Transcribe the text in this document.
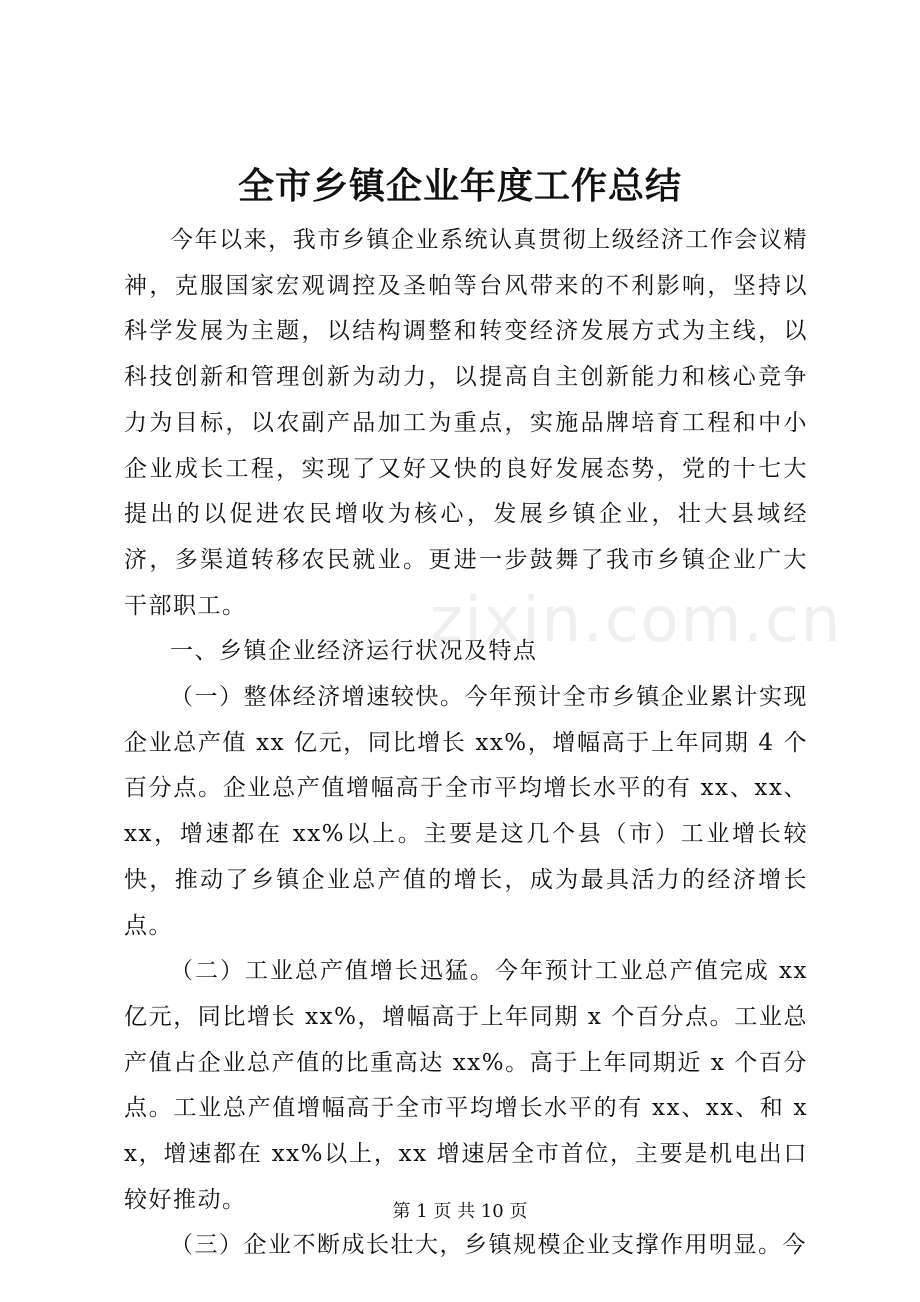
全市乡镇企业年度工作总结

今年以来，我市乡镇企业系统认真贯彻上级经济工作会议精神，克服国家宏观调控及圣帕等台风带来的不利影响，坚持以科学发展为主题，以结构调整和转变经济发展方式为主线，以科技创新和管理创新为动力，以提高自主创新能力和核心竞争力为目标，以农副产品加工为重点，实施品牌培育工程和中小企业成长工程，实现了又好又快的良好发展态势，党的十七大提出的以促进农民增收为核心，发展乡镇企业，壮大县域经济，多渠道转移农民就业。更进一步鼓舞了我市乡镇企业广大干部职工。

一、乡镇企业经济运行状况及特点

（一）整体经济增速较快。今年预计全市乡镇企业累计实现企业总产值 xx 亿元，同比增长 xx%，增幅高于上年同期 4 个百分点。企业总产值增幅高于全市平均增长水平的有 xx、xx、xx，增速都在 xx%以上。主要是这几个县（市）工业增长较快，推动了乡镇企业总产值的增长，成为最具活力的经济增长点。

（二）工业总产值增长迅猛。今年预计工业总产值完成 xx 亿元，同比增长 xx%，增幅高于上年同期 x 个百分点。工业总产值占企业总产值的比重高达 xx%。高于上年同期近 x 个百分点。工业总产值增幅高于全市平均增长水平的有 xx、xx、和 xx，增速都在 xx%以上，xx 增速居全市首位，主要是机电出口较好推动。

（三）企业不断成长壮大，乡镇规模企业支撑作用明显。今

zixin.com.cn
第 1 页 共 10 页
